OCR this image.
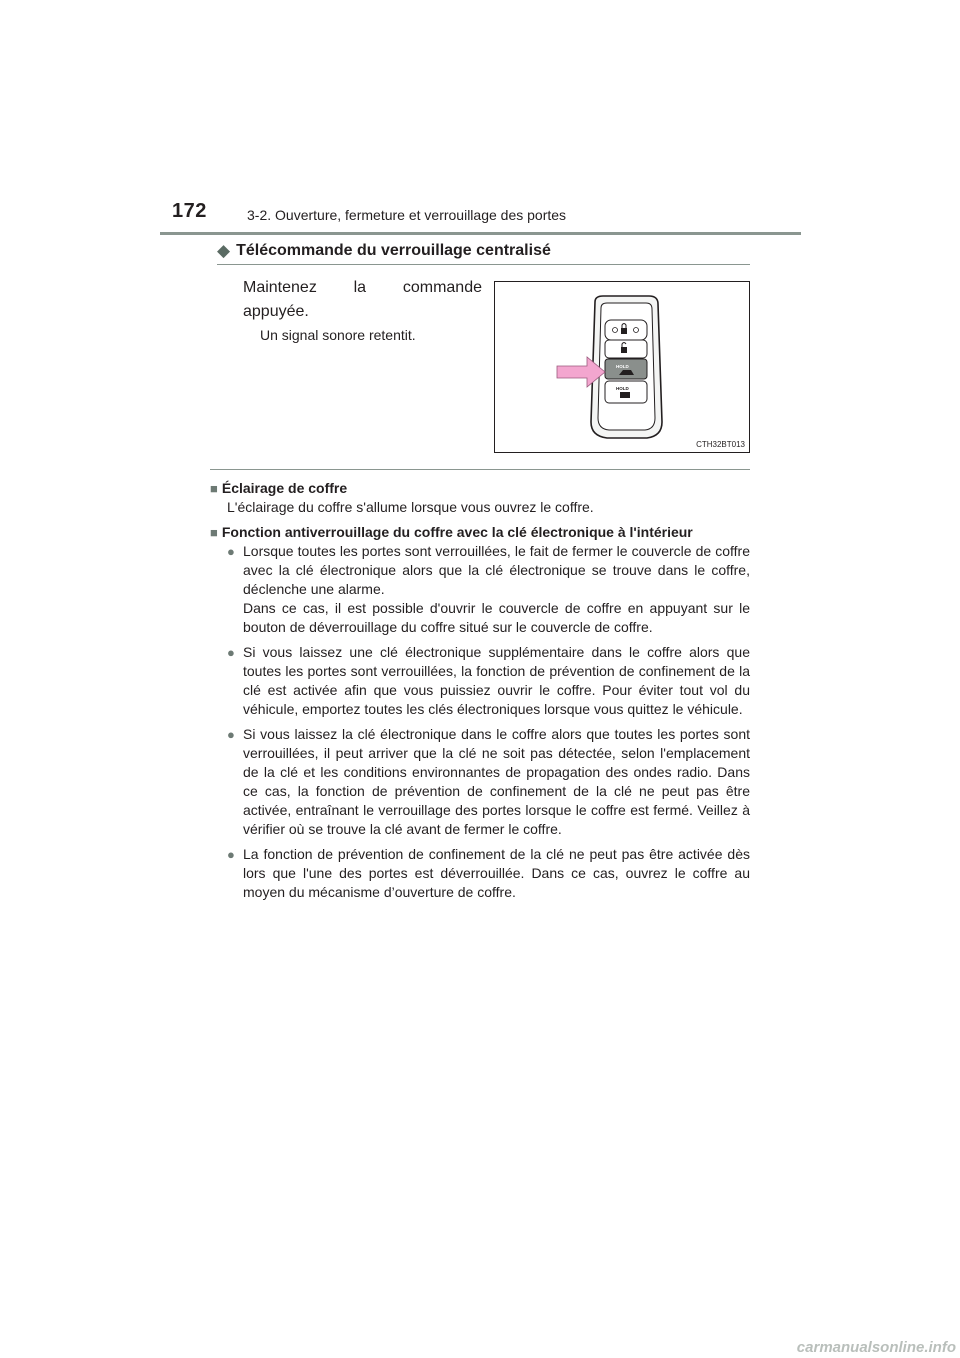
172	3-2. Ouverture, fermeture et verrouillage des portes
◆ Télécommande du verrouillage centralisé
Maintenez la commande appuyée.
Un signal sonore retentit.
HOLD
HOLD
CTH32BT013
■ Éclairage de coffre
L'éclairage du coffre s'allume lorsque vous ouvrez le coffre.
■ Fonction antiverrouillage du coffre avec la clé électronique à l'intérieur
● Lorsque toutes les portes sont verrouillées, le fait de fermer le couvercle de coffre avec la clé électronique alors que la clé électronique se trouve dans le coffre, déclenche une alarme.
Dans ce cas, il est possible d'ouvrir le couvercle de coffre en appuyant sur le bouton de déverrouillage du coffre situé sur le couvercle de coffre.
● Si vous laissez une clé électronique supplémentaire dans le coffre alors que toutes les portes sont verrouillées, la fonction de prévention de confinement de la clé est activée afin que vous puissiez ouvrir le coffre. Pour éviter tout vol du véhicule, emportez toutes les clés électroniques lorsque vous quittez le véhicule.
● Si vous laissez la clé électronique dans le coffre alors que toutes les portes sont verrouillées, il peut arriver que la clé ne soit pas détectée, selon l'emplacement de la clé et les conditions environnantes de propagation des ondes radio. Dans ce cas, la fonction de prévention de confinement de la clé ne peut pas être activée, entraînant le verrouillage des portes lorsque le coffre est fermé. Veillez à vérifier où se trouve la clé avant de fermer le coffre.
● La fonction de prévention de confinement de la clé ne peut pas être activée dès lors que l'une des portes est déverrouillée. Dans ce cas, ouvrez le coffre au moyen du mécanisme d’ouverture de coffre.
carmanualsonline.info
